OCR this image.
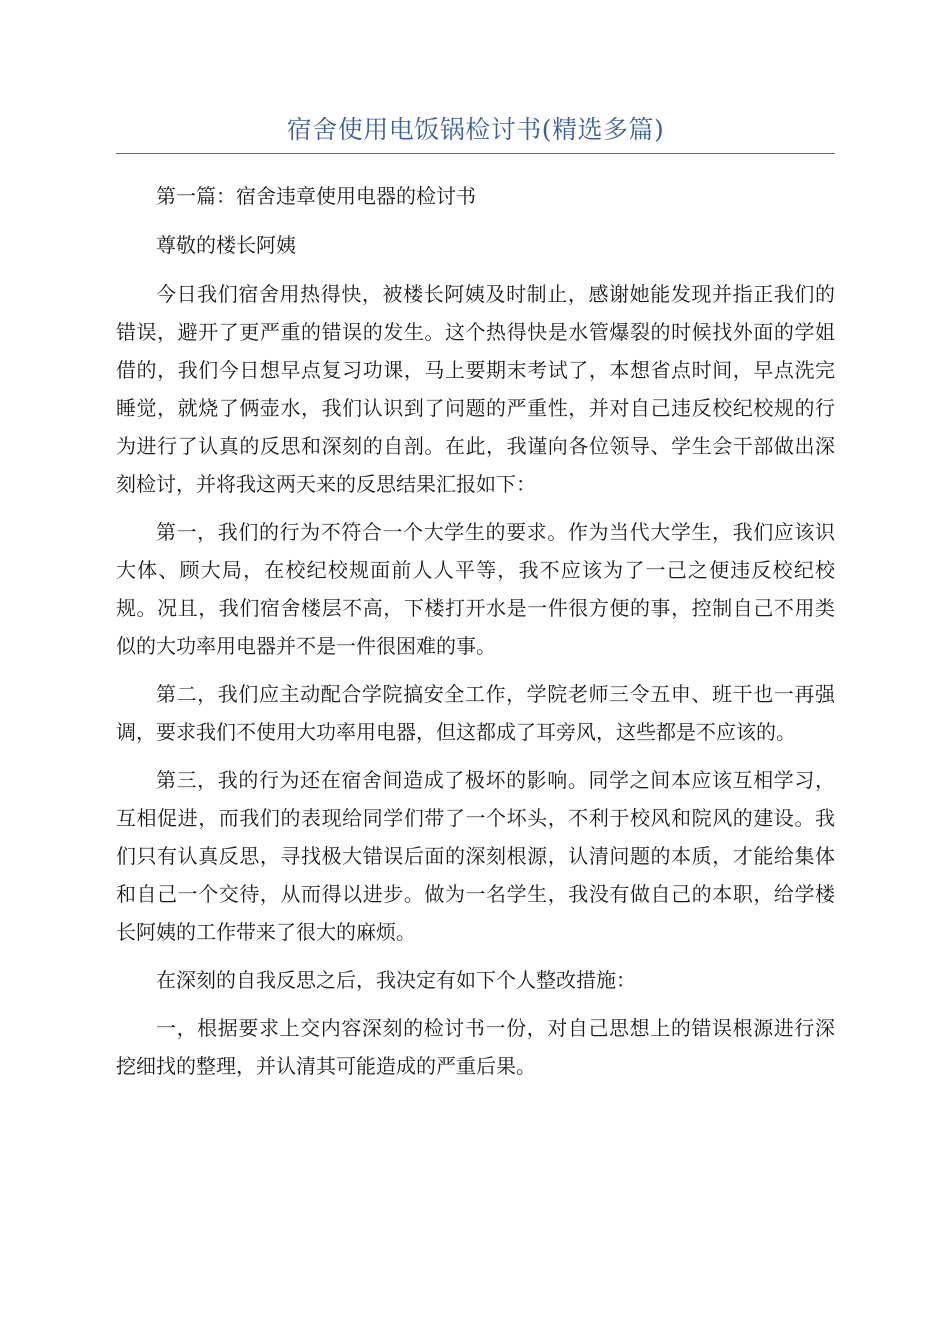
宿舍使用电饭锅检讨书(精选多篇)

第一篇：宿舍违章使用电器的检讨书

尊敬的楼长阿姨

今日我们宿舍用热得快，被楼长阿姨及时制止，感谢她能发现并指正我们的错误，避开了更严重的错误的发生。这个热得快是水管爆裂的时候找外面的学姐借的，我们今日想早点复习功课，马上要期末考试了，本想省点时间，早点洗完睡觉，就烧了俩壶水，我们认识到了问题的严重性，并对自己违反校纪校规的行为进行了认真的反思和深刻的自剖。在此，我谨向各位领导、学生会干部做出深刻检讨，并将我这两天来的反思结果汇报如下：

第一，我们的行为不符合一个大学生的要求。作为当代大学生，我们应该识大体、顾大局，在校纪校规面前人人平等，我不应该为了一己之便违反校纪校规。况且，我们宿舍楼层不高，下楼打开水是一件很方便的事，控制自己不用类似的大功率用电器并不是一件很困难的事。

第二，我们应主动配合学院搞安全工作，学院老师三令五申、班干也一再强调，要求我们不使用大功率用电器，但这都成了耳旁风，这些都是不应该的。

第三，我的行为还在宿舍间造成了极坏的影响。同学之间本应该互相学习，互相促进，而我们的表现给同学们带了一个坏头，不利于校风和院风的建设。我们只有认真反思，寻找极大错误后面的深刻根源，认清问题的本质，才能给集体和自己一个交待，从而得以进步。做为一名学生，我没有做自己的本职，给学楼长阿姨的工作带来了很大的麻烦。

在深刻的自我反思之后，我决定有如下个人整改措施：

一，根据要求上交内容深刻的检讨书一份，对自己思想上的错误根源进行深挖细找的整理，并认清其可能造成的严重后果。
